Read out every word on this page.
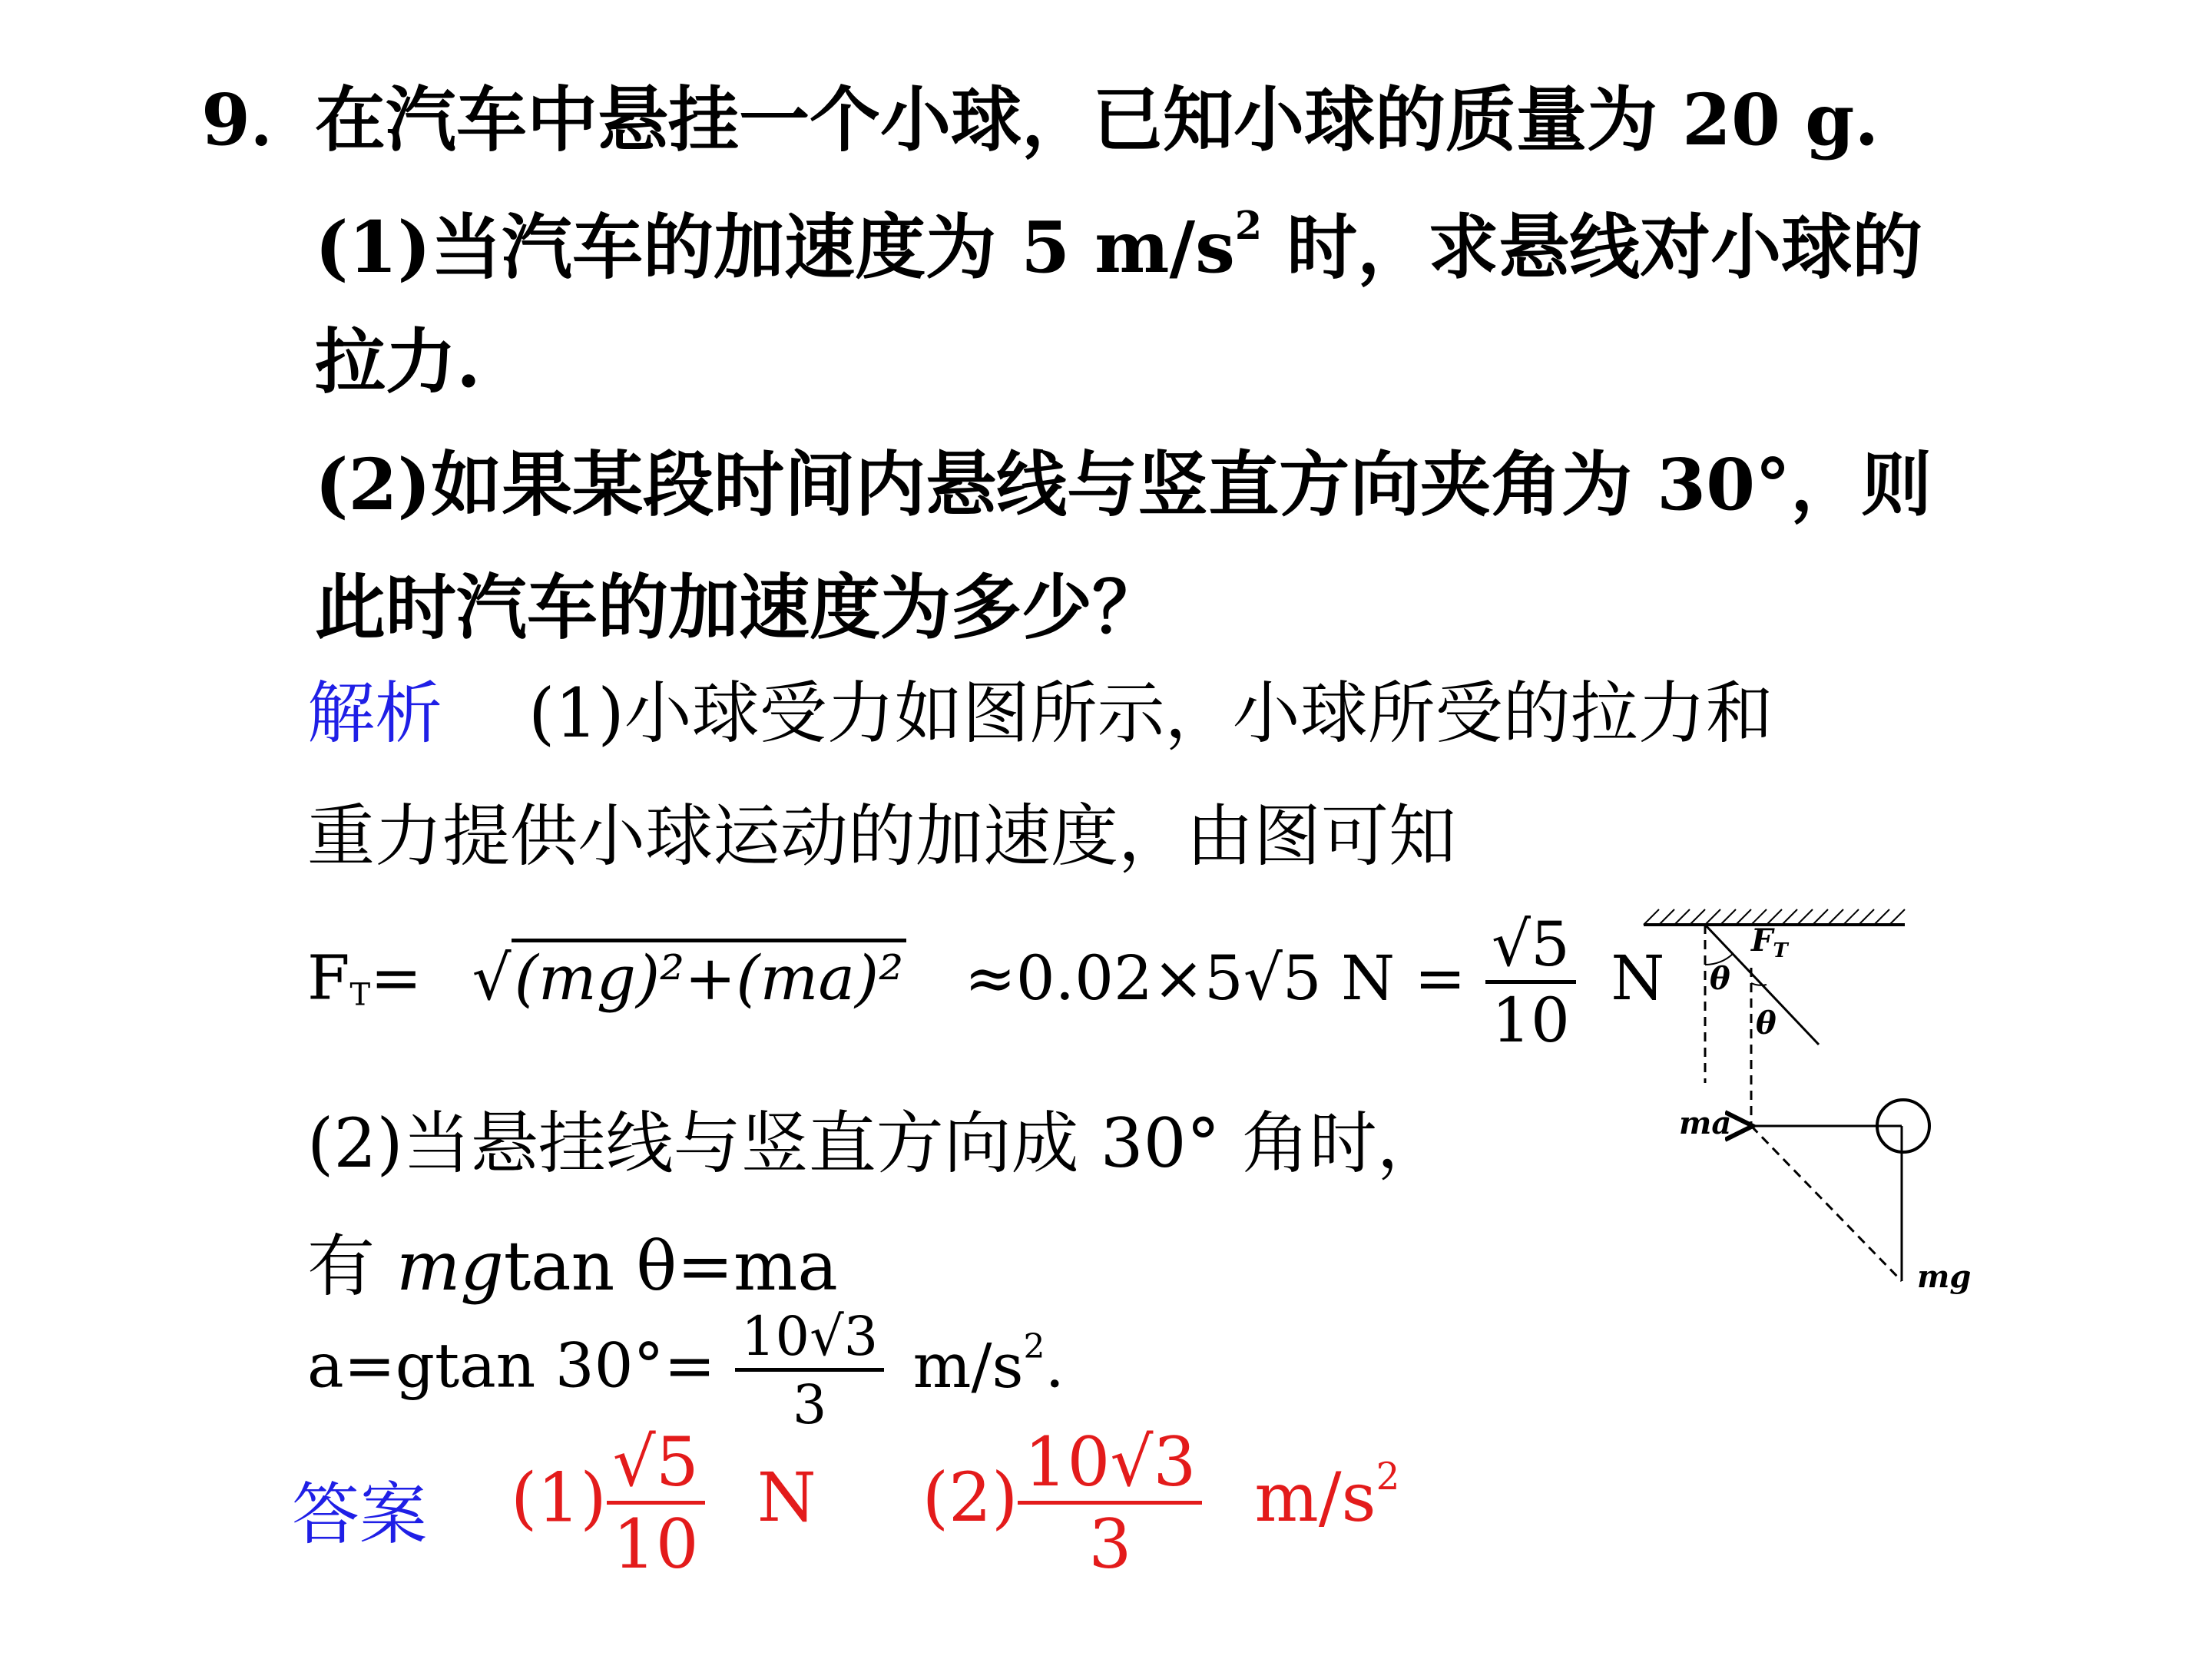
9．
在汽车中悬挂一个小球，已知小球的质量为 20 g.
(1)当汽车的加速度为 5 $m/s^2$ 时，求悬线对小球的
拉力.
(2)如果某段时间内悬线与竖直方向夹角为 30°，则
此时汽车的加速度为多少？
解析 (1)小球受力如图所示，小球所受的拉力和
重力提供小球运动的加速度，由图可知
$F_T= √(mg)^2+(ma)^2 \approx 0.02\times 5√5$ $N = \frac{√5}{10}$ N
(2)当悬挂线与竖直方向成 30° 角时，
有 mgtan θ=ma
a=gtan $30^\circ= \frac{10√3}{3} m/s^2$.
答案 $(1) \frac{√5}{10}$ N $(2) \frac{10√3}{3} m/s^2$
$F_T$
θ
θ
ma
mg
